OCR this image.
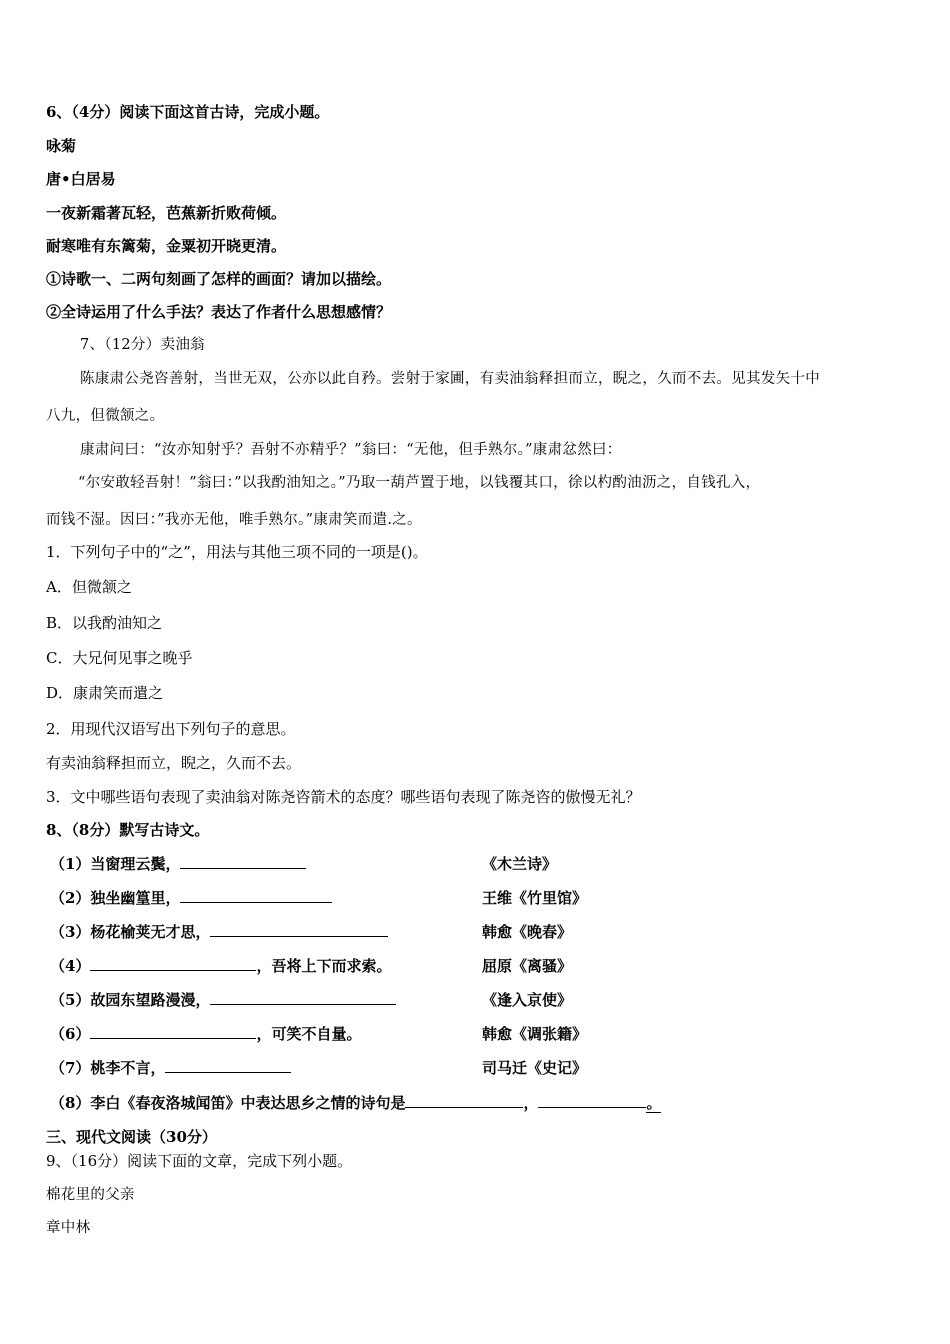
6、（4分）阅读下面这首古诗，完成小题。
咏菊
唐•白居易
一夜新霜著瓦轻，芭蕉新折败荷倾。
耐寒唯有东篱菊，金粟初开晓更清。
①诗歌一、二两句刻画了怎样的画面？请加以描绘。
②全诗运用了什么手法？表达了作者什么思想感情？
7、（12分）卖油翁
陈康肃公尧咨善射，当世无双，公亦以此自矜。尝射于家圃，有卖油翁释担而立，睨之，久而不去。见其发矢十中
八九，但微颔之。
康肃问曰：“汝亦知射乎？吾射不亦精乎？”翁曰：“无他，但手熟尔。”康肃忿然曰：
“尔安敢轻吾射！”翁曰：”以我酌油知之。”乃取一葫芦置于地，以钱覆其口，徐以杓酌油沥之，自钱孔入，
而钱不湿。因曰：”我亦无他，唯手熟尔。”康肃笑而遣.之。
1．下列句子中的“之”，用法与其他三项不同的一项是()。
A．但微颔之
B．以我酌油知之
C．大兄何见事之晚乎
D．康肃笑而遣之
2．用现代汉语写出下列句子的意思。
有卖油翁释担而立，睨之，久而不去。
3．文中哪些语句表现了卖油翁对陈尧咨箭术的态度？哪些语句表现了陈尧咨的傲慢无礼？
8、（8分）默写古诗文。
（1）当窗理云鬓，	《木兰诗》
（2）独坐幽篁里，	王维《竹里馆》
（3）杨花榆荚无才思，	韩愈《晚春》
（4）	，吾将上下而求索。	屈原《离骚》
（5）故园东望路漫漫，	《逢入京使》
（6）	，可笑不自量。	韩愈《调张籍》
（7）桃李不言，	司马迁《史记》
（8）李白《春夜洛城闻笛》中表达思乡之情的诗句是	，	。
三、现代文阅读（30分）
9、（16分）阅读下面的文章，完成下列小题。
棉花里的父亲
章中林
